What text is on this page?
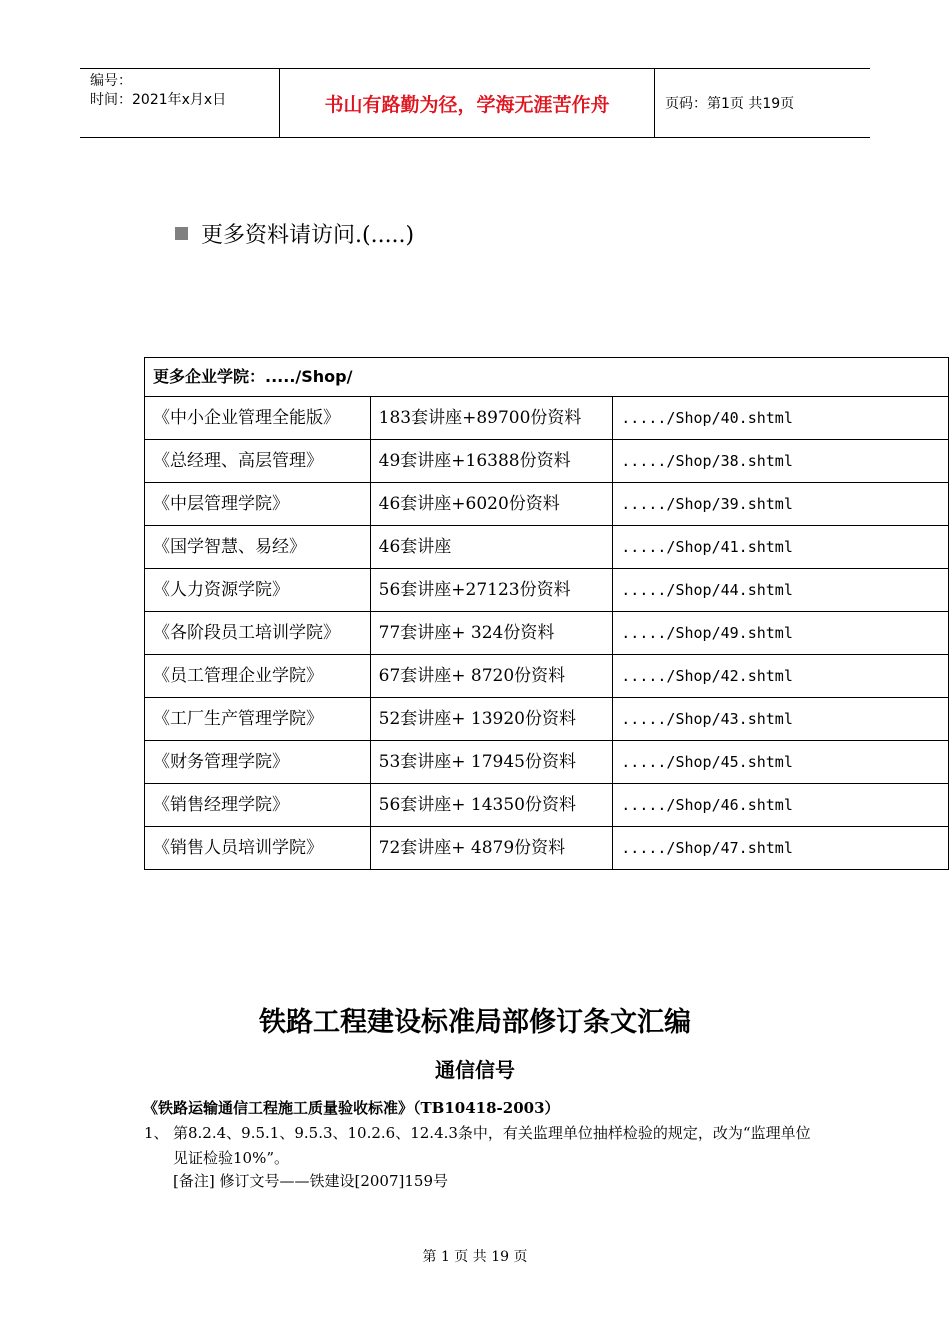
编号：
时间：2021年x月x日	书山有路勤为径，学海无涯苦作舟	页码：第1页 共19页
更多资料请访问.(.....)
更多企业学院：...../Shop/		
《中小企业管理全能版》	183套讲座+89700份资料	...../Shop/40.shtml
《总经理、高层管理》	49套讲座+16388份资料	...../Shop/38.shtml
《中层管理学院》	46套讲座+6020份资料	...../Shop/39.shtml
《国学智慧、易经》	46套讲座	...../Shop/41.shtml
《人力资源学院》	56套讲座+27123份资料	...../Shop/44.shtml
《各阶段员工培训学院》	77套讲座+ 324份资料	...../Shop/49.shtml
《员工管理企业学院》	67套讲座+ 8720份资料	...../Shop/42.shtml
《工厂生产管理学院》	52套讲座+ 13920份资料	...../Shop/43.shtml
《财务管理学院》	53套讲座+ 17945份资料	...../Shop/45.shtml
《销售经理学院》	56套讲座+ 14350份资料	...../Shop/46.shtml
《销售人员培训学院》	72套讲座+ 4879份资料	...../Shop/47.shtml
铁路工程建设标准局部修订条文汇编
通信信号
《铁路运输通信工程施工质量验收标准》（TB10418-2003）
1、 第8.2.4、9.5.1、9.5.3、10.2.6、12.4.3条中，有关监理单位抽样检验的规定，改为“监理单位见证检验10%”。
[备注] 修订文号——铁建设[2007]159号
第 1 页 共 19 页
